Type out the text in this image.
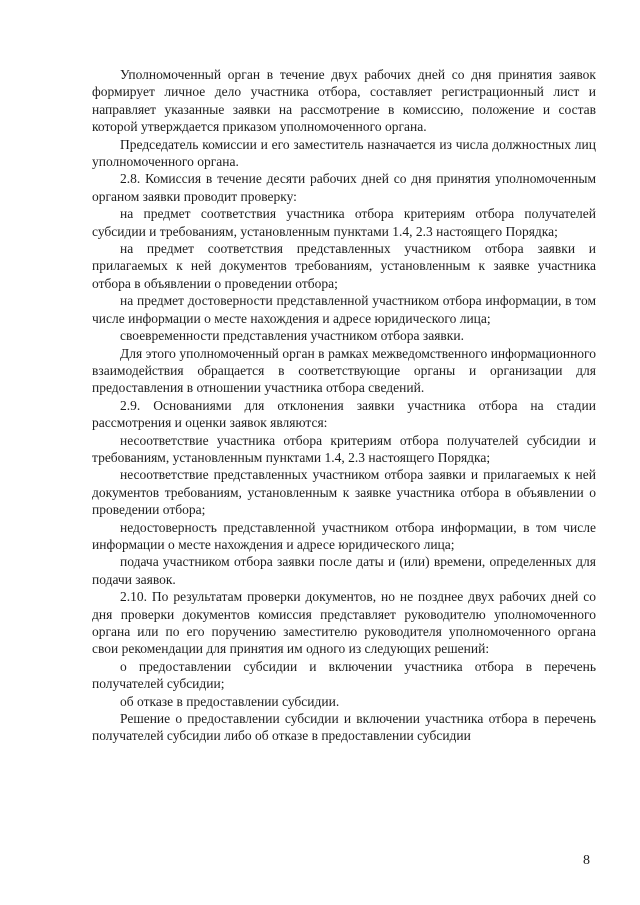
Уполномоченный орган в течение двух рабочих дней со дня принятия заявок формирует личное дело участника отбора, составляет регистрационный лист и направляет указанные заявки на рассмотрение в комиссию, положение и состав которой утверждается приказом уполномоченного органа.

Председатель комиссии и его заместитель назначается из числа должностных лиц уполномоченного органа.

2.8. Комиссия в течение десяти рабочих дней со дня принятия уполномоченным органом заявки проводит проверку:

на предмет соответствия участника отбора критериям отбора получателей субсидии и требованиям, установленным пунктами 1.4, 2.3 настоящего Порядка;

на предмет соответствия представленных участником отбора заявки и прилагаемых к ней документов требованиям, установленным к заявке участника отбора в объявлении о проведении отбора;

на предмет достоверности представленной участником отбора информации, в том числе информации о месте нахождения и адресе юридического лица;

своевременности представления участником отбора заявки.

Для этого уполномоченный орган в рамках межведомственного информационного взаимодействия обращается в соответствующие органы и организации для предоставления в отношении участника отбора сведений.

2.9. Основаниями для отклонения заявки участника отбора на стадии рассмотрения и оценки заявок являются:

несоответствие участника отбора критериям отбора получателей субсидии и требованиям, установленным пунктами 1.4, 2.3 настоящего Порядка;

несоответствие представленных участником отбора заявки и прилагаемых к ней документов требованиям, установленным к заявке участника отбора в объявлении о проведении отбора;

недостоверность представленной участником отбора информации, в том числе информации о месте нахождения и адресе юридического лица;

подача участником отбора заявки после даты и (или) времени, определенных для подачи заявок.

2.10. По результатам проверки документов, но не позднее двух рабочих дней со дня проверки документов комиссия представляет руководителю уполномоченного органа или по его поручению заместителю руководителя уполномоченного органа свои рекомендации для принятия им одного из следующих решений:

о предоставлении субсидии и включении участника отбора в перечень получателей субсидии;

об отказе в предоставлении субсидии.

Решение о предоставлении субсидии и включении участника отбора в перечень получателей субсидии либо об отказе в предоставлении субсидии

8
